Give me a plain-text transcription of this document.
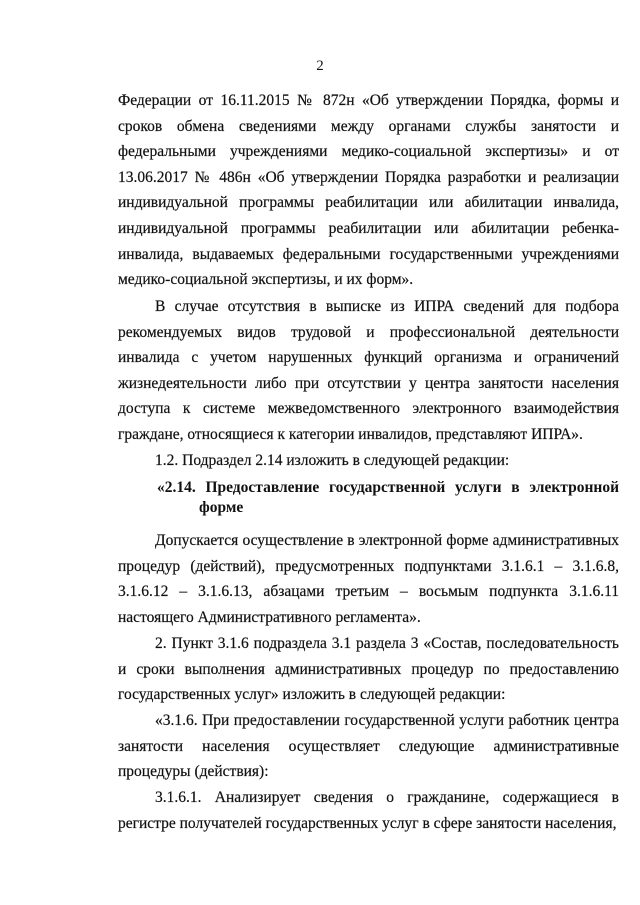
2
Федерации от 16.11.2015 № 872н «Об утверждении Порядка, формы и сроков обмена сведениями между органами службы занятости и федеральными учреждениями медико-социальной экспертизы» и от 13.06.2017 № 486н «Об утверждении Порядка разработки и реализации индивидуальной программы реабилитации или абилитации инвалида, индивидуальной программы реабилитации или абилитации ребенка-инвалида, выдаваемых федеральными государственными учреждениями медико-социальной экспертизы, и их форм».
В случае отсутствия в выписке из ИПРА сведений для подбора рекомендуемых видов трудовой и профессиональной деятельности инвалида с учетом нарушенных функций организма и ограничений жизнедеятельности либо при отсутствии у центра занятости населения доступа к системе межведомственного электронного взаимодействия граждане, относящиеся к категории инвалидов, представляют ИПРА».
1.2. Подраздел 2.14 изложить в следующей редакции:
«2.14. Предоставление государственной услуги в электронной
форме
Допускается осуществление в электронной форме административных процедур (действий), предусмотренных подпунктами 3.1.6.1 – 3.1.6.8, 3.1.6.12 – 3.1.6.13, абзацами третьим – восьмым подпункта 3.1.6.11 настоящего Административного регламента».
2. Пункт 3.1.6 подраздела 3.1 раздела 3 «Состав, последовательность и сроки выполнения административных процедур по предоставлению государственных услуг» изложить в следующей редакции:
«3.1.6. При предоставлении государственной услуги работник центра занятости населения осуществляет следующие административные процедуры (действия):
3.1.6.1. Анализирует сведения о гражданине, содержащиеся в регистре получателей государственных услуг в сфере занятости населения,
